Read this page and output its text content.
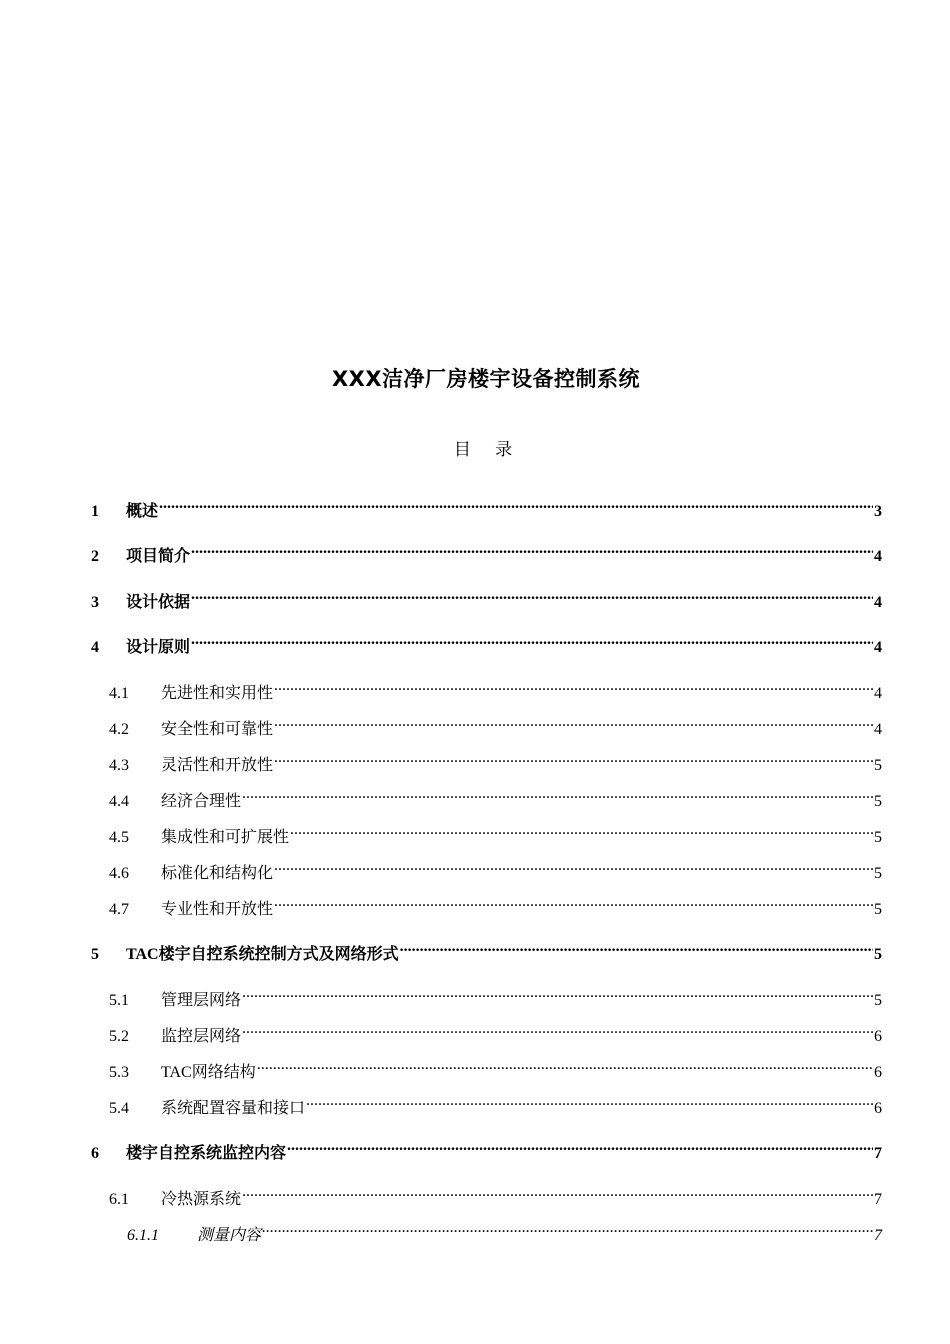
XXX洁净厂房楼宇设备控制系统
目 录
1	概述 .....	3
2	项目简介 .....	4
3	设计依据 .....	4
4	设计原则 .....	4
4.1	先进性和实用性 .....	4
4.2	安全性和可靠性 .....	4
4.3	灵活性和开放性 .....	5
4.4	经济合理性 .....	5
4.5	集成性和可扩展性 .....	5
4.6	标准化和结构化 .....	5
4.7	专业性和开放性 .....	5
5	TAC楼宇自控系统控制方式及网络形式 .....	5
5.1	管理层网络 .....	5
5.2	监控层网络 .....	6
5.3	TAC网络结构 .....	6
5.4	系统配置容量和接口 .....	6
6	楼宇自控系统监控内容 .....	7
6.1	冷热源系统 .....	7
6.1.1	测量内容 .....	7
